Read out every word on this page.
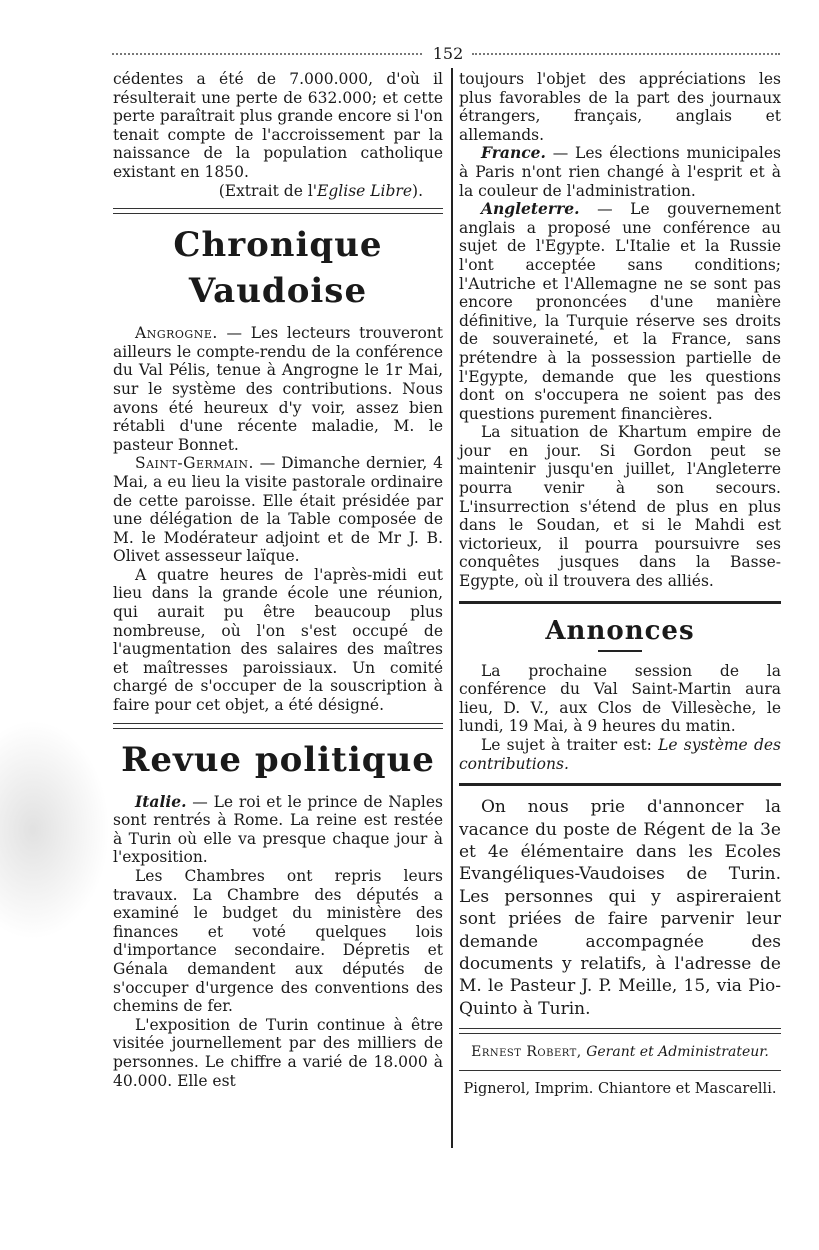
152

cédentes a été de 7.000.000, d'où il résulterait une perte de 632.000; et cette perte paraîtrait plus grande encore si l'on tenait compte de l'accroissement par la naissance de la population catholique existant en 1850.

(Extrait de l'Eglise Libre).

Chronique Vaudoise

Angrogne. — Les lecteurs trouveront ailleurs le compte-rendu de la conférence du Val Pélis, tenue à Angrogne le 1r Mai, sur le système des contributions. Nous avons été heureux d'y voir, assez bien rétabli d'une récente maladie, M. le pasteur Bonnet.

Saint-Germain. — Dimanche dernier, 4 Mai, a eu lieu la visite pastorale ordinaire de cette paroisse. Elle était présidée par une délégation de la Table composée de M. le Modérateur adjoint et de Mr J. B. Olivet assesseur laïque.

A quatre heures de l'après-midi eut lieu dans la grande école une réunion, qui aurait pu être beaucoup plus nombreuse, où l'on s'est occupé de l'augmentation des salaires des maîtres et maîtresses paroissiaux. Un comité chargé de s'occuper de la souscription à faire pour cet objet, a été désigné.

Revue politique

Italie. — Le roi et le prince de Naples sont rentrés à Rome. La reine est restée à Turin où elle va presque chaque jour à l'exposition.

Les Chambres ont repris leurs travaux. La Chambre des députés a examiné le budget du ministère des finances et voté quelques lois d'importance secondaire. Dépretis et Génala demandent aux députés de s'occuper d'urgence des conventions des chemins de fer.

L'exposition de Turin continue à être visitée journellement par des milliers de personnes. Le chiffre a varié de 18.000 à 40.000. Elle est

toujours l'objet des appréciations les plus favorables de la part des journaux étrangers, français, anglais et allemands.

France. — Les élections municipales à Paris n'ont rien changé à l'esprit et à la couleur de l'administration.

Angleterre. — Le gouvernement anglais a proposé une conférence au sujet de l'Egypte. L'Italie et la Russie l'ont acceptée sans conditions; l'Autriche et l'Allemagne ne se sont pas encore prononcées d'une manière définitive, la Turquie réserve ses droits de souveraineté, et la France, sans prétendre à la possession partielle de l'Egypte, demande que les questions dont on s'occupera ne soient pas des questions purement financières.

La situation de Khartum empire de jour en jour. Si Gordon peut se maintenir jusqu'en juillet, l'Angleterre pourra venir à son secours. L'insurrection s'étend de plus en plus dans le Soudan, et si le Mahdi est victorieux, il pourra poursuivre ses conquêtes jusques dans la Basse-Egypte, où il trouvera des alliés.

Annonces

La prochaine session de la conférence du Val Saint-Martin aura lieu, D. V., aux Clos de Villesèche, le lundi, 19 Mai, à 9 heures du matin.

Le sujet à traiter est: Le système des contributions.

On nous prie d'annoncer la vacance du poste de Régent de la 3e et 4e élémentaire dans les Ecoles Evangéliques-Vaudoises de Turin. Les personnes qui y aspireraient sont priées de faire parvenir leur demande accompagnée des documents y relatifs, à l'adresse de M. le Pasteur J. P. Meille, 15, via Pio-Quinto à Turin.

Ernest Robert, Gerant et Administrateur.
Pignerol, Imprim. Chiantore et Mascarelli.
